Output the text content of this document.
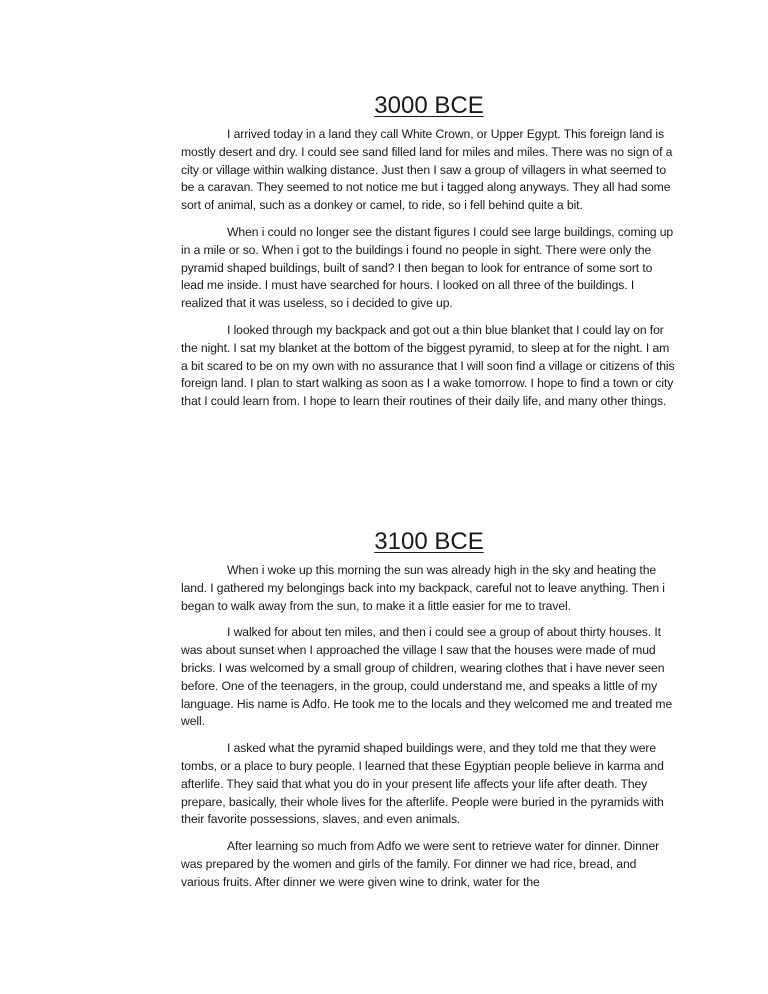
3000 BCE

I arrived today in a land they call White Crown, or Upper Egypt. This foreign land is mostly desert and dry. I could see sand filled land for miles and miles. There was no sign of a city or village within walking distance. Just then I saw a group of villagers in what seemed to be a caravan. They seemed to not notice me but i tagged along anyways. They all had some sort of animal, such as a donkey or camel, to ride, so i fell behind quite a bit.

When i could no longer see the distant figures I could see large buildings, coming up in a mile or so. When i got to the buildings i found no people in sight. There were only the pyramid shaped buildings, built of sand? I then began to look for entrance of some sort to lead me inside. I must have searched for hours. I looked on all three of the buildings. I realized that it was useless, so i decided to give up.

I looked through my backpack and got out a thin blue blanket that I could lay on for the night. I sat my blanket at the bottom of the biggest pyramid, to sleep at for the night. I am a bit scared to be on my own with no assurance that I will soon find a village or citizens of this foreign land. I plan to start walking as soon as I a wake tomorrow. I hope to find a town or city that I could learn from. I hope to learn their routines of their daily life, and many other things.

3100 BCE

When i woke up this morning the sun was already high in the sky and heating the land. I gathered my belongings back into my backpack, careful not to leave anything. Then i began to walk away from the sun, to make it a little easier for me to travel.

I walked for about ten miles, and then i could see a group of about thirty houses. It was about sunset when I approached the village I saw that the houses were made of mud bricks. I was welcomed by a small group of children, wearing clothes that i have never seen before. One of the teenagers, in the group, could understand me, and speaks a little of my language. His name is Adfo. He took me to the locals and they welcomed me and treated me well.

I asked what the pyramid shaped buildings were, and they told me that they were tombs, or a place to bury people. I learned that these Egyptian people believe in karma and afterlife. They said that what you do in your present life affects your life after death. They prepare, basically, their whole lives for the afterlife. People were buried in the pyramids with their favorite possessions, slaves, and even animals.

After learning so much from Adfo we were sent to retrieve water for dinner. Dinner was prepared by the women and girls of the family. For dinner we had rice, bread, and various fruits. After dinner we were given wine to drink, water for the
